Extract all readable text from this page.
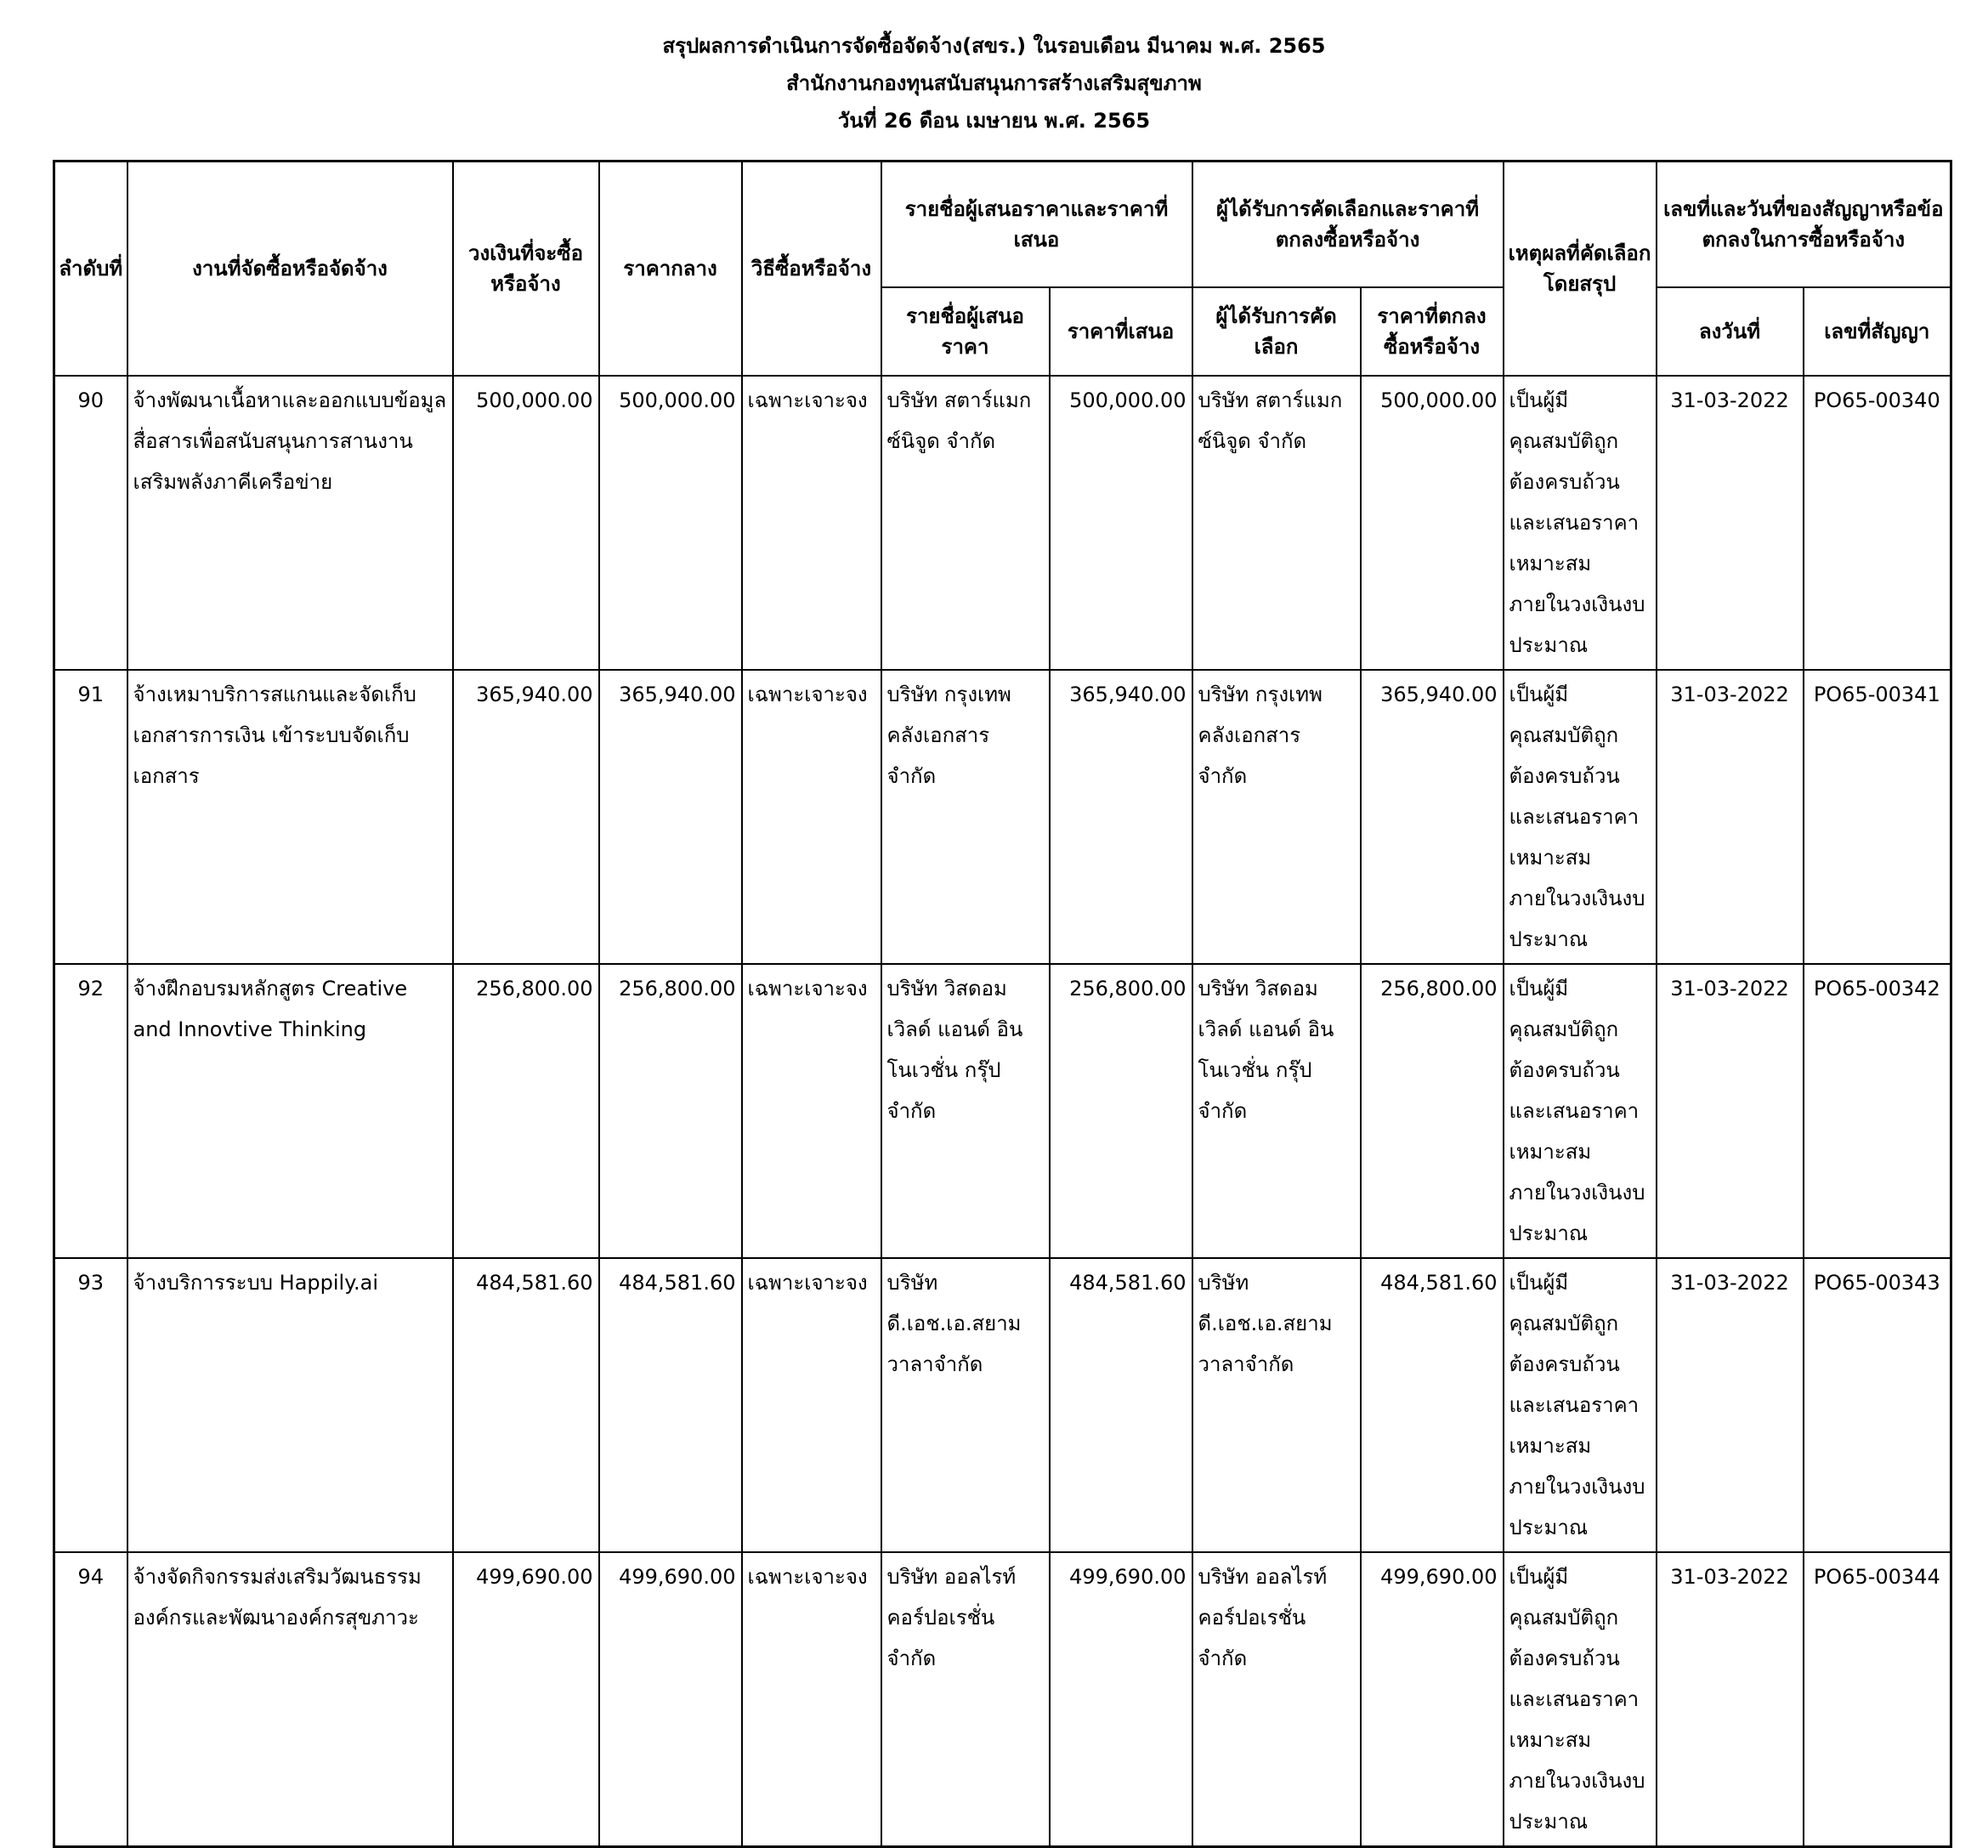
สรุปผลการดำเนินการจัดซื้อจัดจ้าง(สขร.) ในรอบเดือน มีนาคม พ.ศ. 2565
สำนักงานกองทุนสนับสนุนการสร้างเสริมสุขภาพ
วันที่ 26 ดือน เมษายน พ.ศ. 2565
ลำดับที่	งานที่จัดซื้อหรือจัดจ้าง	วงเงินที่จะซื้อหรือจ้าง	ราคากลาง	วิธีซื้อหรือจ้าง	รายชื่อผู้เสนอราคาและราคาที่เสนอ		ผู้ได้รับการคัดเลือกและราคาที่ตกลงซื้อหรือจ้าง		เหตุผลที่คัดเลือกโดยสรุป	เลขที่และวันที่ของสัญญาหรือข้อตกลงในการซื้อหรือจ้าง	
					รายชื่อผู้เสนอราคา	ราคาที่เสนอ	ผู้ได้รับการคัดเลือก	ราคาที่ตกลงซื้อหรือจ้าง		ลงวันที่	เลขที่สัญญา
90	จ้างพัฒนาเนื้อหาและออกแบบข้อมูลสื่อสารเพื่อสนับสนุนการสานงาน เสริมพลังภาคีเครือข่าย	500,000.00	500,000.00	เฉพาะเจาะจง	บริษัท สตาร์แมกซ์นิจูด จำกัด	500,000.00	บริษัท สตาร์แมกซ์นิจูด จำกัด	500,000.00	เป็นผู้มีคุณสมบัติถูกต้องครบถ้วนและเสนอราคาเหมาะสมภายในวงเงินงบประมาณ	31-03-2022	PO65-00340
91	จ้างเหมาบริการสแกนและจัดเก็บเอกสารการเงิน เข้าระบบจัดเก็บเอกสาร	365,940.00	365,940.00	เฉพาะเจาะจง	บริษัท กรุงเทพคลังเอกสาร จำกัด	365,940.00	บริษัท กรุงเทพคลังเอกสาร จำกัด	365,940.00	เป็นผู้มีคุณสมบัติถูกต้องครบถ้วนและเสนอราคาเหมาะสมภายในวงเงินงบประมาณ	31-03-2022	PO65-00341
92	จ้างฝึกอบรมหลักสูตร Creative and Innovtive Thinking	256,800.00	256,800.00	เฉพาะเจาะจง	บริษัท วิสดอมเวิลด์ แอนด์ อินโนเวชั่น กรุ๊ป จำกัด	256,800.00	บริษัท วิสดอมเวิลด์ แอนด์ อินโนเวชั่น กรุ๊ป จำกัด	256,800.00	เป็นผู้มีคุณสมบัติถูกต้องครบถ้วนและเสนอราคาเหมาะสมภายในวงเงินงบประมาณ	31-03-2022	PO65-00342
93	จ้างบริการระบบ Happily.ai	484,581.60	484,581.60	เฉพาะเจาะจง	บริษัท ดี.เอช.เอ.สยามวาลาจำกัด	484,581.60	บริษัท ดี.เอช.เอ.สยามวาลาจำกัด	484,581.60	เป็นผู้มีคุณสมบัติถูกต้องครบถ้วนและเสนอราคาเหมาะสมภายในวงเงินงบประมาณ	31-03-2022	PO65-00343
94	จ้างจัดกิจกรรมส่งเสริมวัฒนธรรมองค์กรและพัฒนาองค์กรสุขภาวะ	499,690.00	499,690.00	เฉพาะเจาะจง	บริษัท ออลไรท์คอร์ปอเรชั่น จำกัด	499,690.00	บริษัท ออลไรท์คอร์ปอเรชั่น จำกัด	499,690.00	เป็นผู้มีคุณสมบัติถูกต้องครบถ้วนและเสนอราคาเหมาะสมภายในวงเงินงบประมาณ	31-03-2022	PO65-00344
